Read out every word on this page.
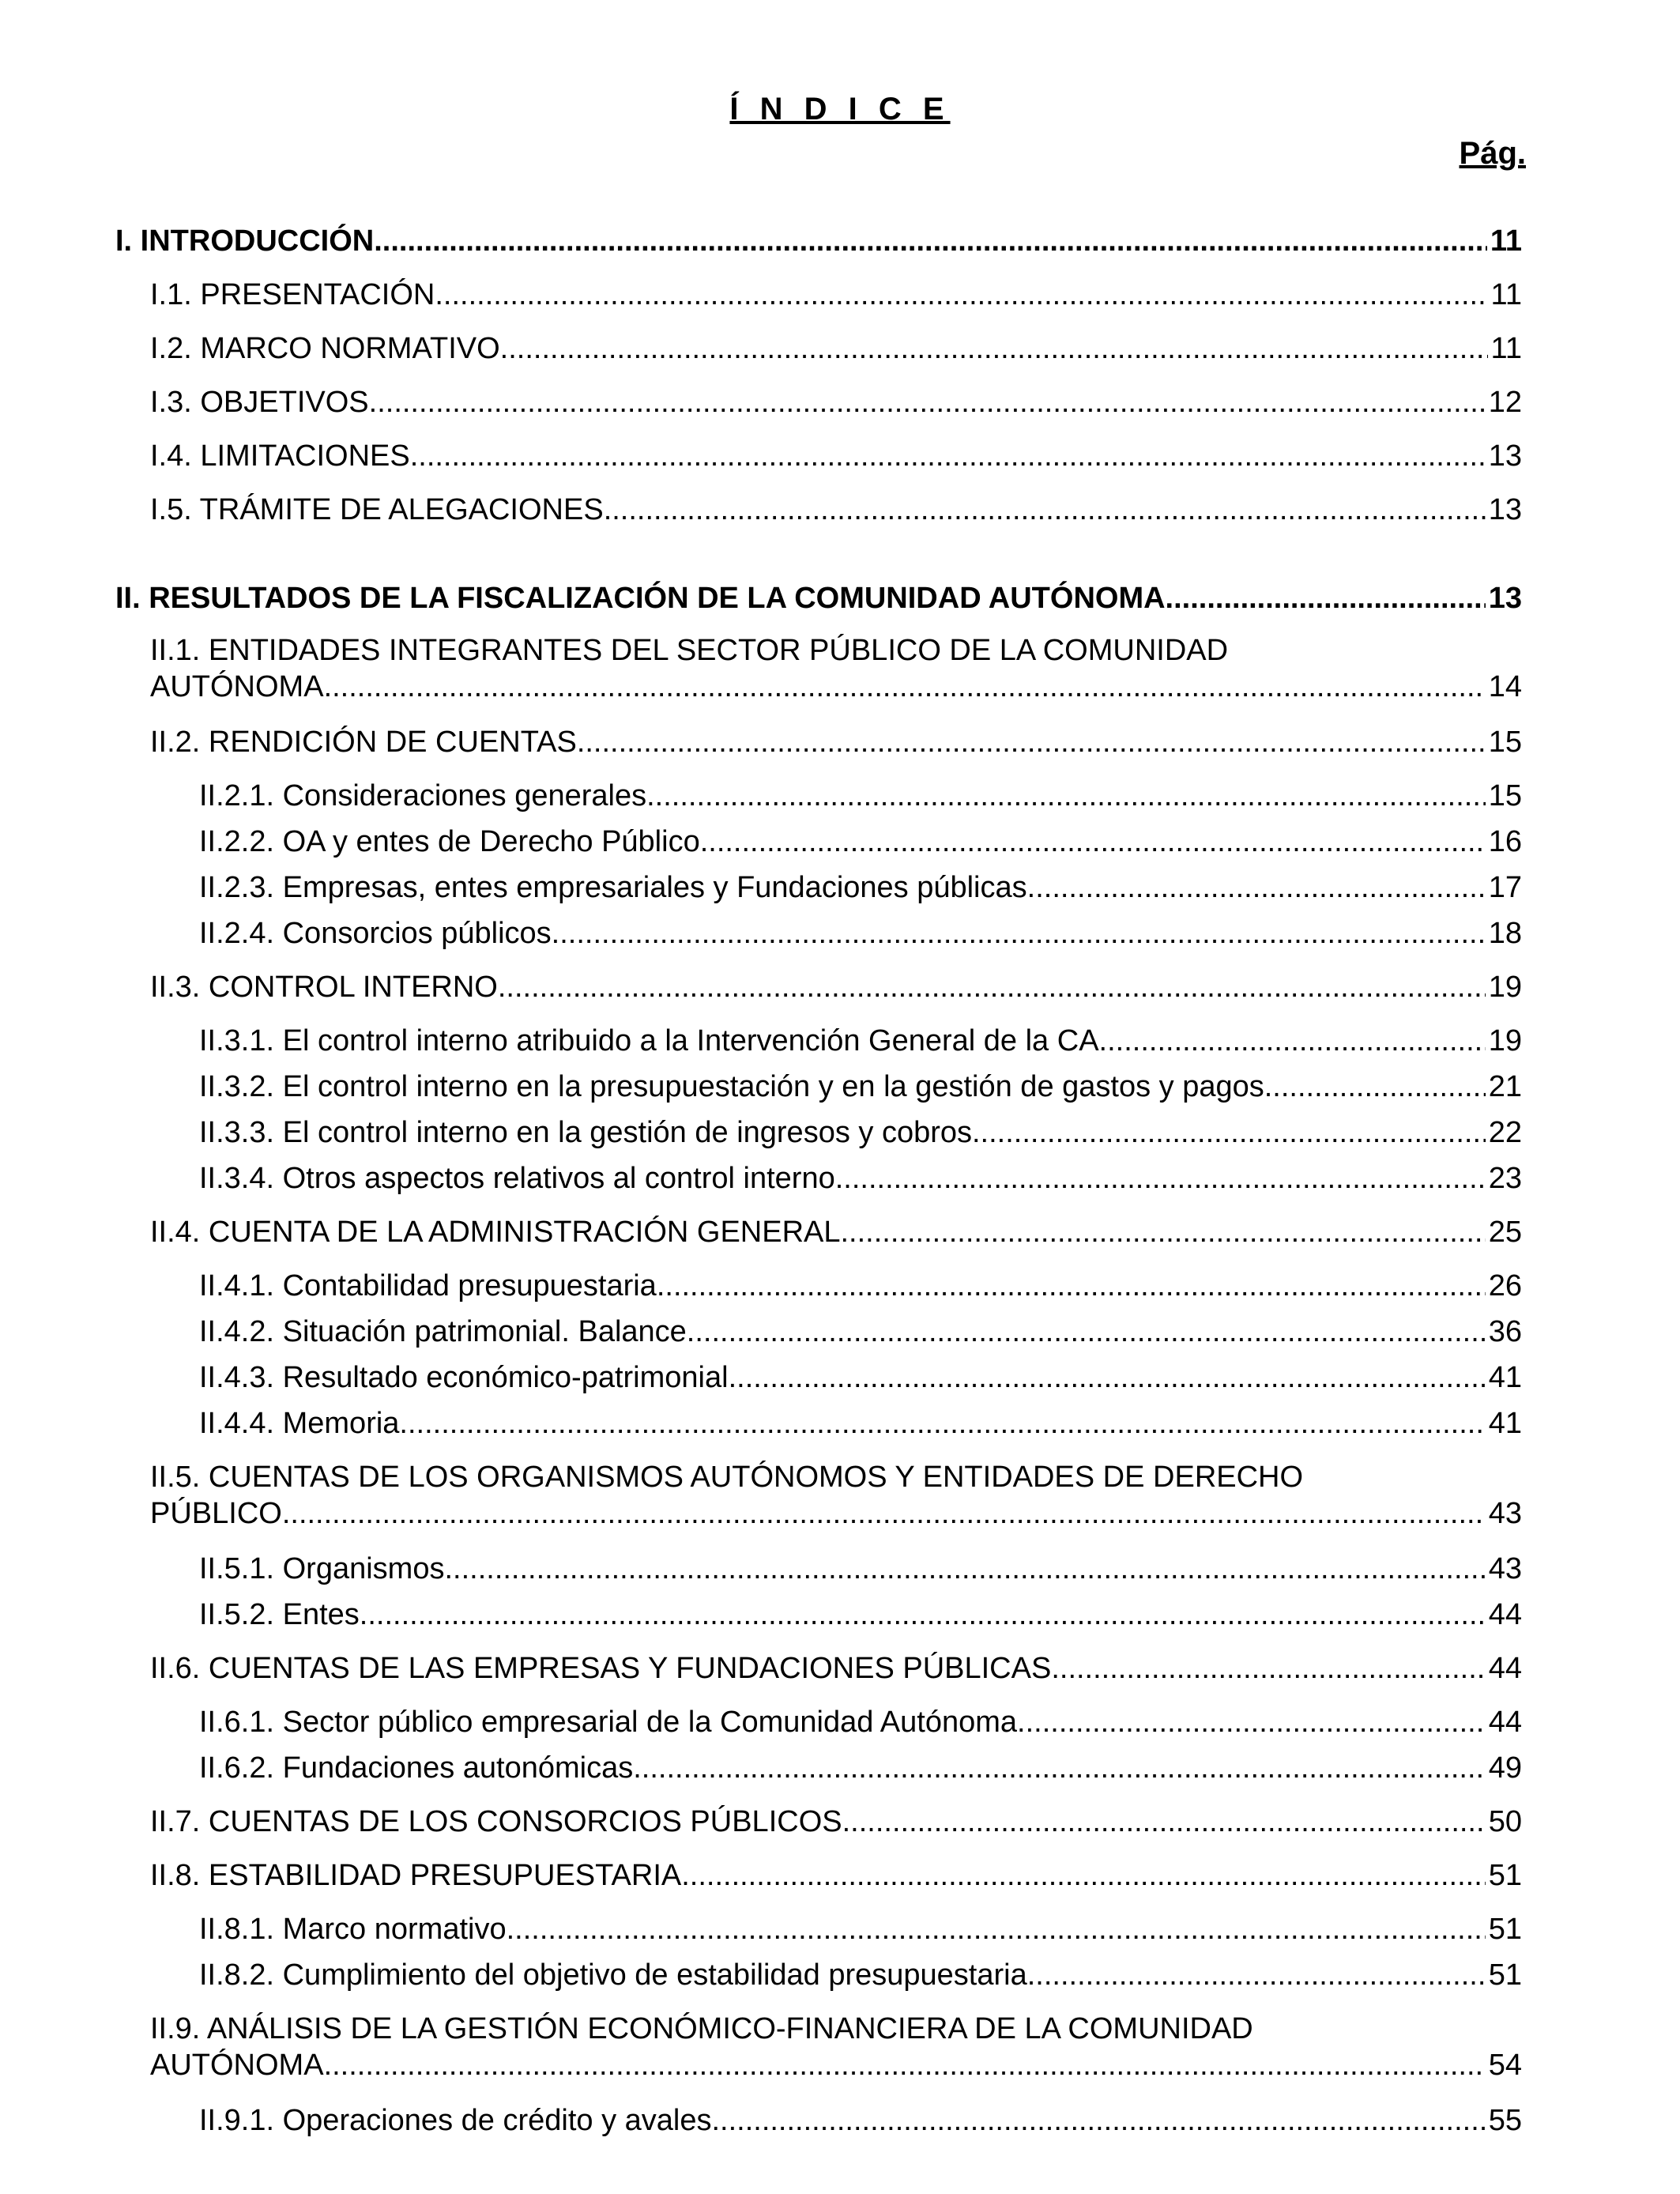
Í N D I C E
Pág.
I. INTRODUCCIÓN .....	11
I.1. PRESENTACIÓN .....	11
I.2. MARCO NORMATIVO .....	11
I.3. OBJETIVOS .....	12
I.4. LIMITACIONES .....	13
I.5. TRÁMITE DE ALEGACIONES .....	13
II. RESULTADOS DE LA FISCALIZACIÓN DE LA COMUNIDAD AUTÓNOMA .....	13
II.1. ENTIDADES INTEGRANTES DEL SECTOR PÚBLICO DE LA COMUNIDAD
AUTÓNOMA .....	14
II.2. RENDICIÓN DE CUENTAS .....	15
II.2.1. Consideraciones generales .....	15
II.2.2. OA y entes de Derecho Público .....	16
II.2.3. Empresas, entes empresariales y Fundaciones públicas .....	17
II.2.4. Consorcios públicos .....	18
II.3. CONTROL INTERNO .....	19
II.3.1. El control interno atribuido a la Intervención General de la CA .....	19
II.3.2. El control interno en la presupuestación y en la gestión de gastos y pagos .....	21
II.3.3. El control interno en la gestión de ingresos y cobros .....	22
II.3.4. Otros aspectos relativos al control interno .....	23
II.4. CUENTA DE LA ADMINISTRACIÓN GENERAL .....	25
II.4.1. Contabilidad presupuestaria .....	26
II.4.2. Situación patrimonial. Balance .....	36
II.4.3. Resultado económico-patrimonial .....	41
II.4.4. Memoria .....	41
II.5. CUENTAS DE LOS ORGANISMOS AUTÓNOMOS Y ENTIDADES DE DERECHO
PÚBLICO .....	43
II.5.1. Organismos .....	43
II.5.2. Entes .....	44
II.6. CUENTAS DE LAS EMPRESAS Y FUNDACIONES PÚBLICAS .....	44
II.6.1. Sector público empresarial de la Comunidad Autónoma .....	44
II.6.2. Fundaciones autonómicas .....	49
II.7. CUENTAS DE LOS CONSORCIOS PÚBLICOS .....	50
II.8. ESTABILIDAD PRESUPUESTARIA .....	51
II.8.1. Marco normativo .....	51
II.8.2. Cumplimiento del objetivo de estabilidad presupuestaria .....	51
II.9. ANÁLISIS DE LA GESTIÓN ECONÓMICO-FINANCIERA DE LA COMUNIDAD
AUTÓNOMA .....	54
II.9.1. Operaciones de crédito y avales .....	55
